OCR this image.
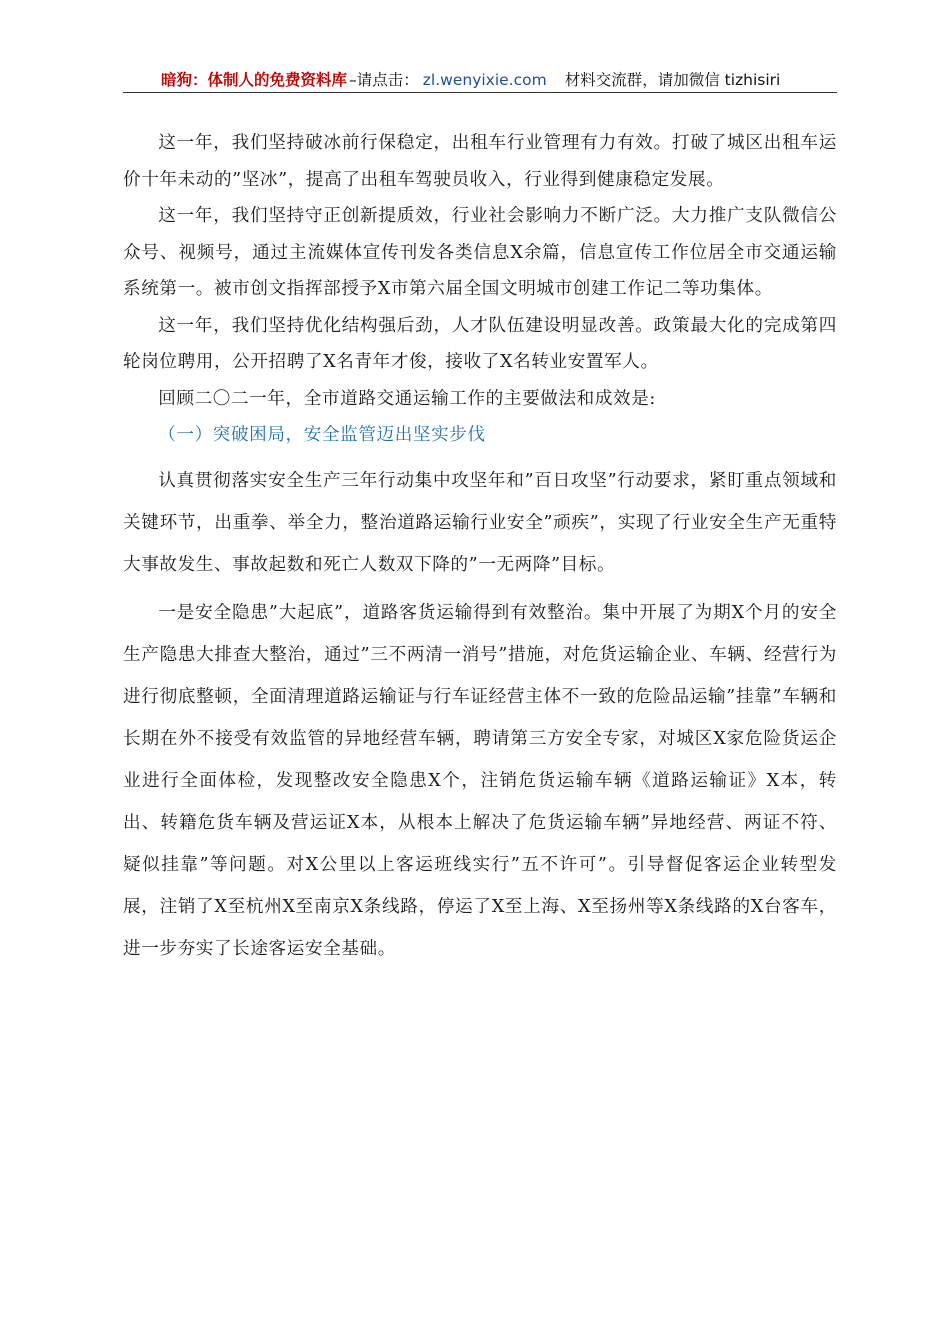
暗狗：体制人的免费资料库 –请点击： zl.wenyixie.com 材料交流群，请加微信 tizhisiri

这一年，我们坚持破冰前行保稳定，出租车行业管理有力有效。打破了城区出租车运价十年未动的”坚冰”，提高了出租车驾驶员收入，行业得到健康稳定发展。

这一年，我们坚持守正创新提质效，行业社会影响力不断广泛。大力推广支队微信公众号、视频号，通过主流媒体宣传刊发各类信息X余篇，信息宣传工作位居全市交通运输系统第一。被市创文指挥部授予X市第六届全国文明城市创建工作记二等功集体。

这一年，我们坚持优化结构强后劲，人才队伍建设明显改善。政策最大化的完成第四轮岗位聘用，公开招聘了X名青年才俊，接收了X名转业安置军人。

回顾二〇二一年，全市道路交通运输工作的主要做法和成效是:

（一）突破困局，安全监管迈出坚实步伐

认真贯彻落实安全生产三年行动集中攻坚年和”百日攻坚”行动要求，紧盯重点领域和关键环节，出重拳、举全力，整治道路运输行业安全”顽疾”，实现了行业安全生产无重特大事故发生、事故起数和死亡人数双下降的”一无两降”目标。

一是安全隐患”大起底”，道路客货运输得到有效整治。集中开展了为期X个月的安全生产隐患大排查大整治，通过”三不两清一消号”措施，对危货运输企业、车辆、经营行为进行彻底整顿，全面清理道路运输证与行车证经营主体不一致的危险品运输”挂靠”车辆和长期在外不接受有效监管的异地经营车辆，聘请第三方安全专家，对城区X家危险货运企业进行全面体检，发现整改安全隐患X个，注销危货运输车辆《道路运输证》X本，转出、转籍危货车辆及营运证X本，从根本上解决了危货运输车辆”异地经营、两证不符、疑似挂靠”等问题。对X公里以上客运班线实行”五不许可”。引导督促客运企业转型发展，注销了X至杭州X至南京X条线路，停运了X至上海、X至扬州等X条线路的X台客车，进一步夯实了长途客运安全基础。
